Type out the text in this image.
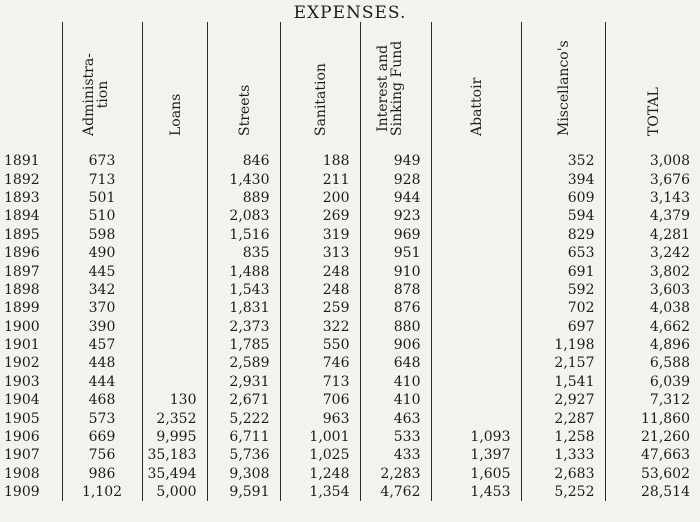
EXPENSES.

	Administra-
tion	Loans	Streets	Sanitation	Interest and
Sinking Fund	Abattoir	Miscellanco's	TOTAL

1891	673		846	188	949		352	3,008
1892	713		1,430	211	928		394	3,676
1893	501		889	200	944		609	3,143
1894	510		2,083	269	923		594	4,379
1895	598		1,516	319	969		829	4,281
1896	490		835	313	951		653	3,242
1897	445		1,488	248	910		691	3,802
1898	342		1,543	248	878		592	3,603
1899	370		1,831	259	876		702	4,038
1900	390		2,373	322	880		697	4,662
1901	457		1,785	550	906		1,198	4,896
1902	448		2,589	746	648		2,157	6,588
1903	444		2,931	713	410		1,541	6,039
1904	468	130	2,671	706	410		2,927	7,312
1905	573	2,352	5,222	963	463		2,287	11,860
1906	669	9,995	6,711	1,001	533	1,093	1,258	21,260
1907	756	35,183	5,736	1,025	433	1,397	1,333	47,663
1908	986	35,494	9,308	1,248	2,283	1,605	2,683	53,602
1909	1,102	5,000	9,591	1,354	4,762	1,453	5,252	28,514
